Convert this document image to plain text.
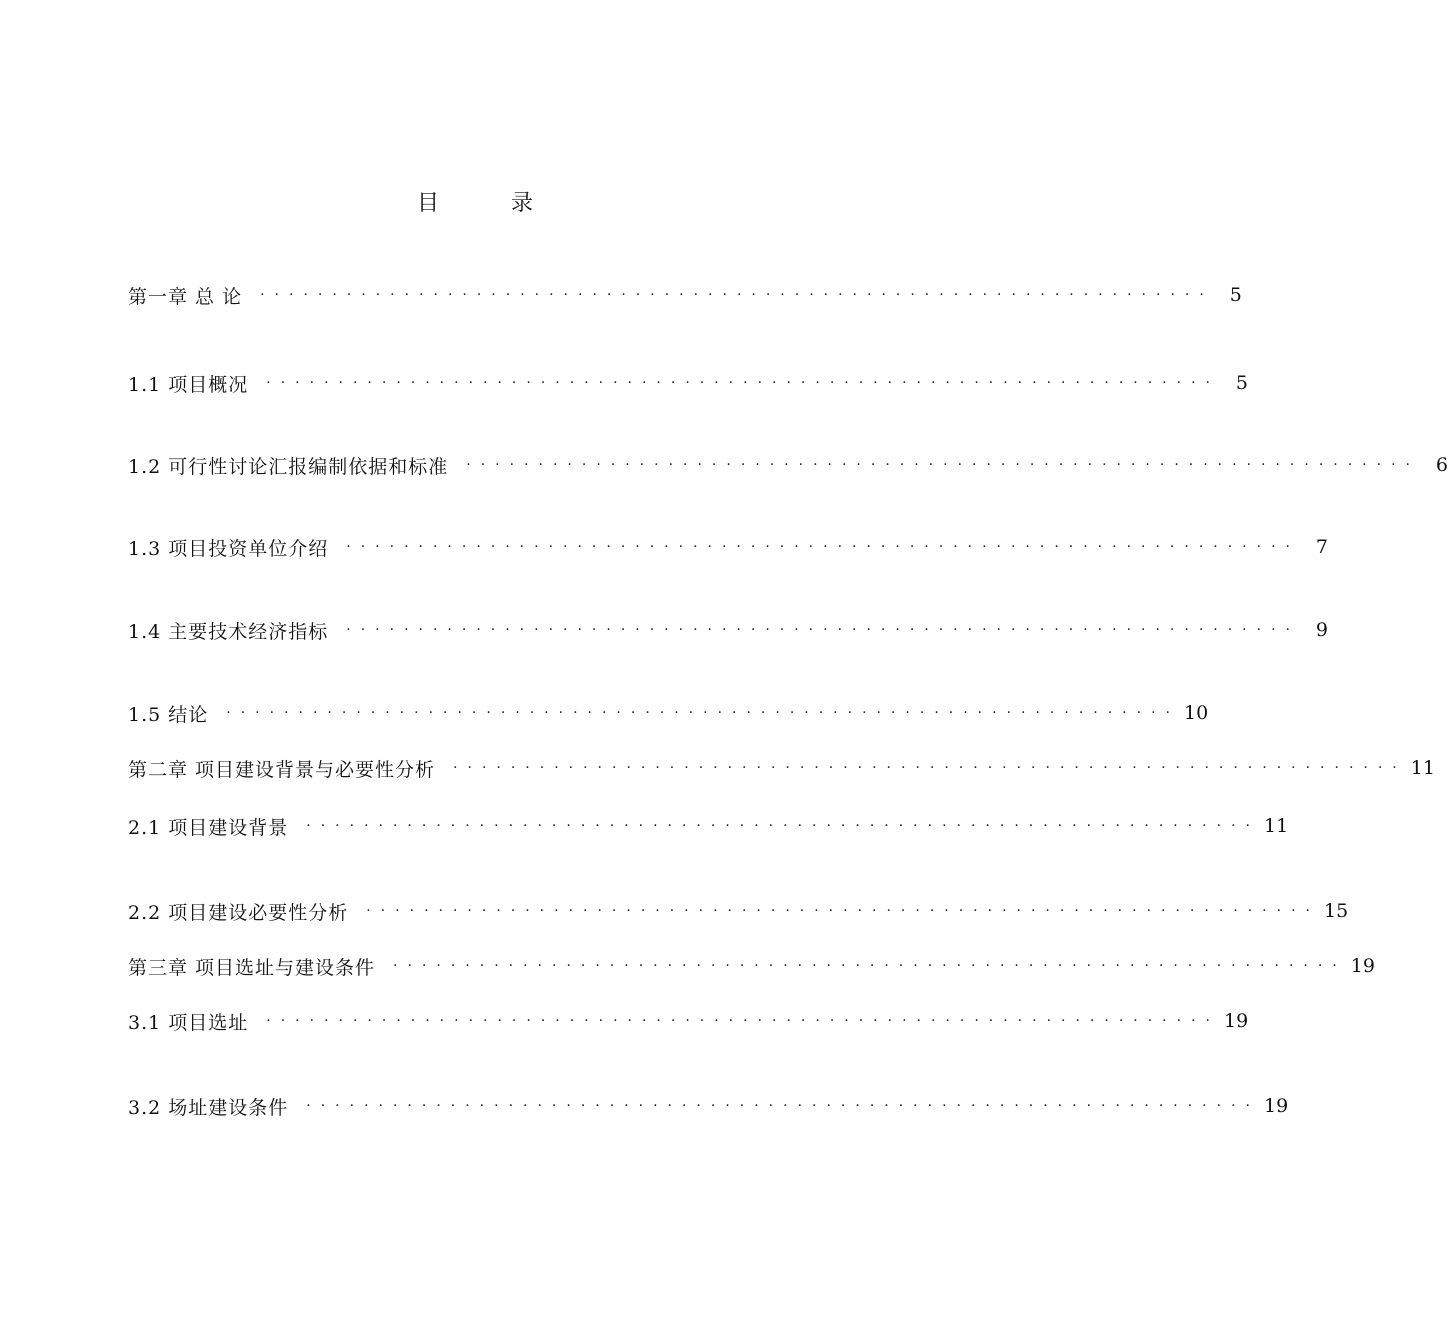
目	录
第一章 总 论	·································································· 5
1.1 项目概况	·································································· 5
1.2 可行性讨论汇报编制依据和标准	·································································· 6
1.3 项目投资单位介绍	·································································· 7
1.4 主要技术经济指标	·································································· 9
1.5 结论	·································································· 10
第二章 项目建设背景与必要性分析	·································································· 11
2.1 项目建设背景	·································································· 11
2.2 项目建设必要性分析	·································································· 15
第三章 项目选址与建设条件	·································································· 19
3.1 项目选址	·································································· 19
3.2 场址建设条件	·································································· 19
